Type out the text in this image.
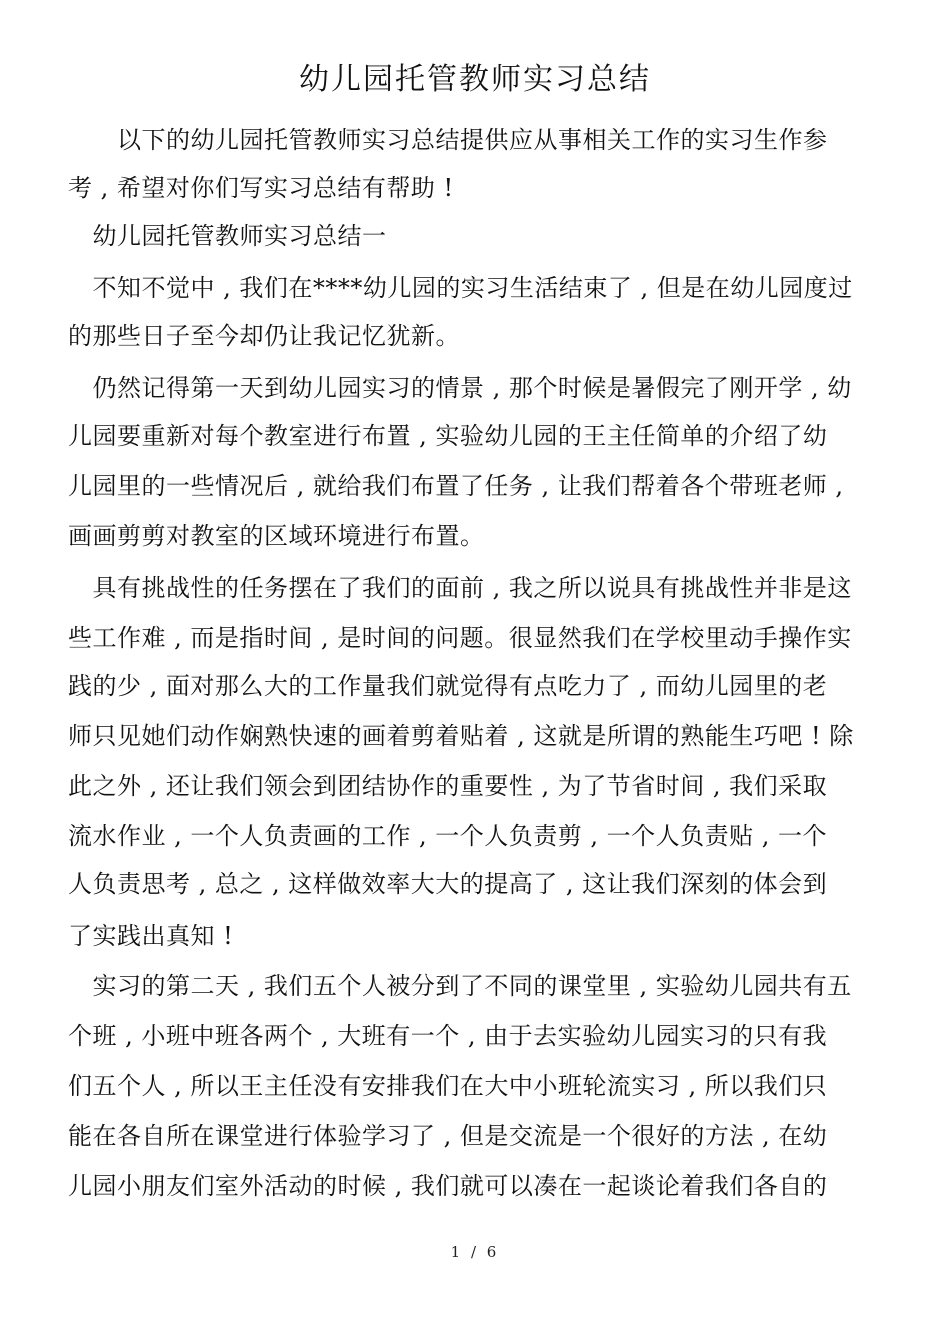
幼儿园托管教师实习总结
　　以下的幼儿园托管教师实习总结提供应从事相关工作的实习生作参
考 , 希望对你们写实习总结有帮助 !
　幼儿园托管教师实习总结一
　不知不觉中 , 我们在****幼儿园的实习生活结束了 , 但是在幼儿园度过
的那些日子至今却仍让我记忆犹新。
　仍然记得第一天到幼儿园实习的情景 , 那个时候是暑假完了刚开学 , 幼
儿园要重新对每个教室进行布置 , 实验幼儿园的王主任简单的介绍了幼
儿园里的一些情况后 , 就给我们布置了任务 , 让我们帮着各个带班老师 ,
画画剪剪对教室的区域环境进行布置。
　具有挑战性的任务摆在了我们的面前 , 我之所以说具有挑战性并非是这
些工作难 , 而是指时间 , 是时间的问题。很显然我们在学校里动手操作实
践的少 , 面对那么大的工作量我们就觉得有点吃力了 , 而幼儿园里的老
师只见她们动作娴熟快速的画着剪着贴着 , 这就是所谓的熟能生巧吧 ! 除
此之外 , 还让我们领会到团结协作的重要性 , 为了节省时间 , 我们采取
流水作业 , 一个人负责画的工作 , 一个人负责剪 , 一个人负责贴 , 一个
人负责思考 , 总之 , 这样做效率大大的提高了 , 这让我们深刻的体会到
了实践出真知 !
　实习的第二天 , 我们五个人被分到了不同的课堂里 , 实验幼儿园共有五
个班 , 小班中班各两个 , 大班有一个 , 由于去实验幼儿园实习的只有我
们五个人 , 所以王主任没有安排我们在大中小班轮流实习 , 所以我们只
能在各自所在课堂进行体验学习了 , 但是交流是一个很好的方法 , 在幼
儿园小朋友们室外活动的时候 , 我们就可以凑在一起谈论着我们各自的
1 / 6
